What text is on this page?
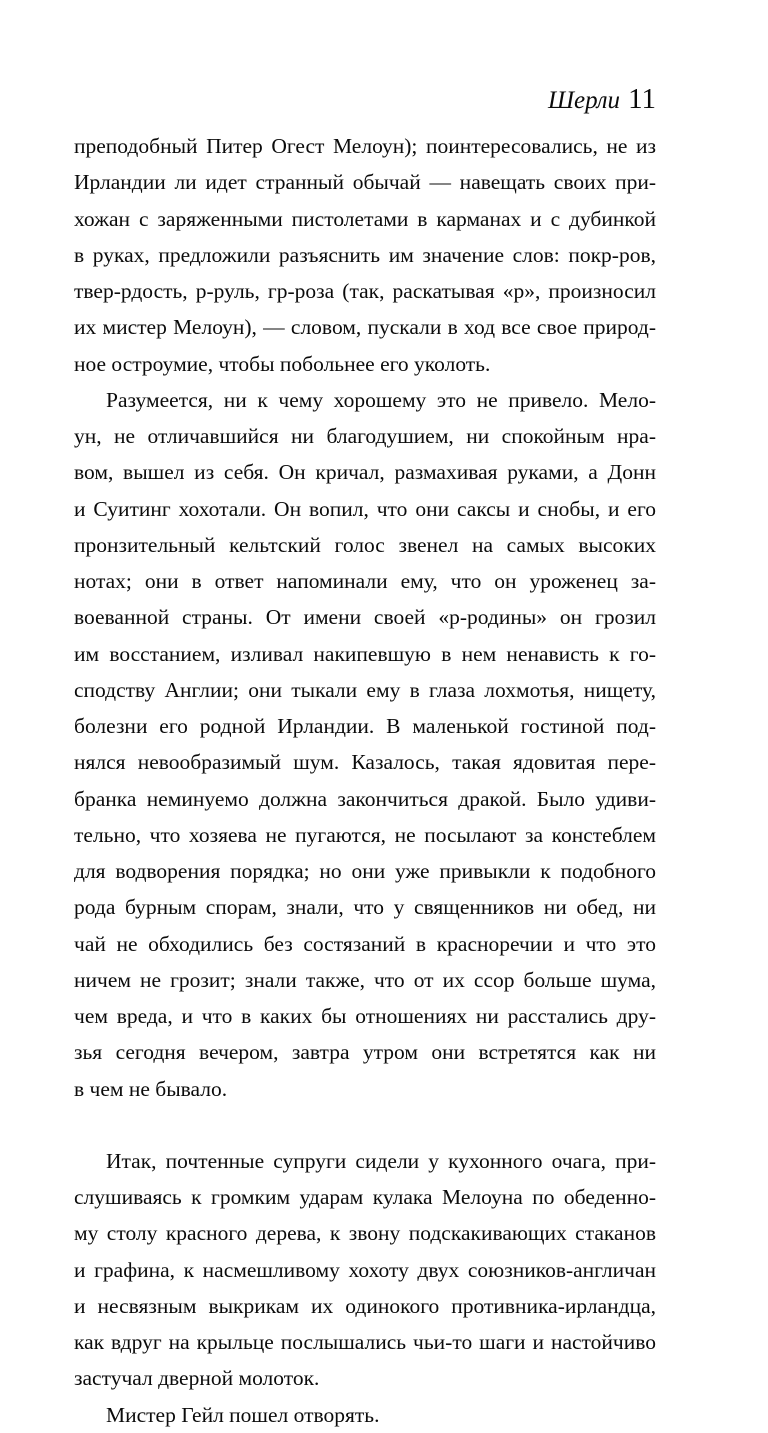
Шерли 11
преподобный Питер Огест Мелоун); поинтересовались, не из
Ирландии ли идет странный обычай — навещать своих при-
хожан с заряженными пистолетами в карманах и с дубинкой
в руках, предложили разъяснить им значение слов: покр-ров,
твер-рдость, р-руль, гр-роза (так, раскатывая «р», произносил
их мистер Мелоун), — словом, пускали в ход все свое природ-
ное остроумие, чтобы побольнее его уколоть.
Разумеется, ни к чему хорошему это не привело. Мело-
ун, не отличавшийся ни благодушием, ни спокойным нра-
вом, вышел из себя. Он кричал, размахивая руками, а Донн
и Суитинг хохотали. Он вопил, что они саксы и снобы, и его
пронзительный кельтский голос звенел на самых высоких
нотах; они в ответ напоминали ему, что он уроженец за-
воеванной страны. От имени своей «р-родины» он грозил
им восстанием, изливал накипевшую в нем ненависть к го-
сподству Англии; они тыкали ему в глаза лохмотья, нищету,
болезни его родной Ирландии. В маленькой гостиной под-
нялся невообразимый шум. Казалось, такая ядовитая пере-
бранка неминуемо должна закончиться дракой. Было удиви-
тельно, что хозяева не пугаются, не посылают за констеблем
для водворения порядка; но они уже привыкли к подобного
рода бурным спорам, знали, что у священников ни обед, ни
чай не обходились без состязаний в красноречии и что это
ничем не грозит; знали также, что от их ссор больше шума,
чем вреда, и что в каких бы отношениях ни расстались дру-
зья сегодня вечером, завтра утром они встретятся как ни
в чем не бывало.
Итак, почтенные супруги сидели у кухонного очага, при-
слушиваясь к громким ударам кулака Мелоуна по обеденно-
му столу красного дерева, к звону подскакивающих стаканов
и графина, к насмешливому хохоту двух союзников-англичан
и несвязным выкрикам их одинокого противника-ирландца,
как вдруг на крыльце послышались чьи-то шаги и настойчиво
застучал дверной молоток.
Мистер Гейл пошел отворять.
